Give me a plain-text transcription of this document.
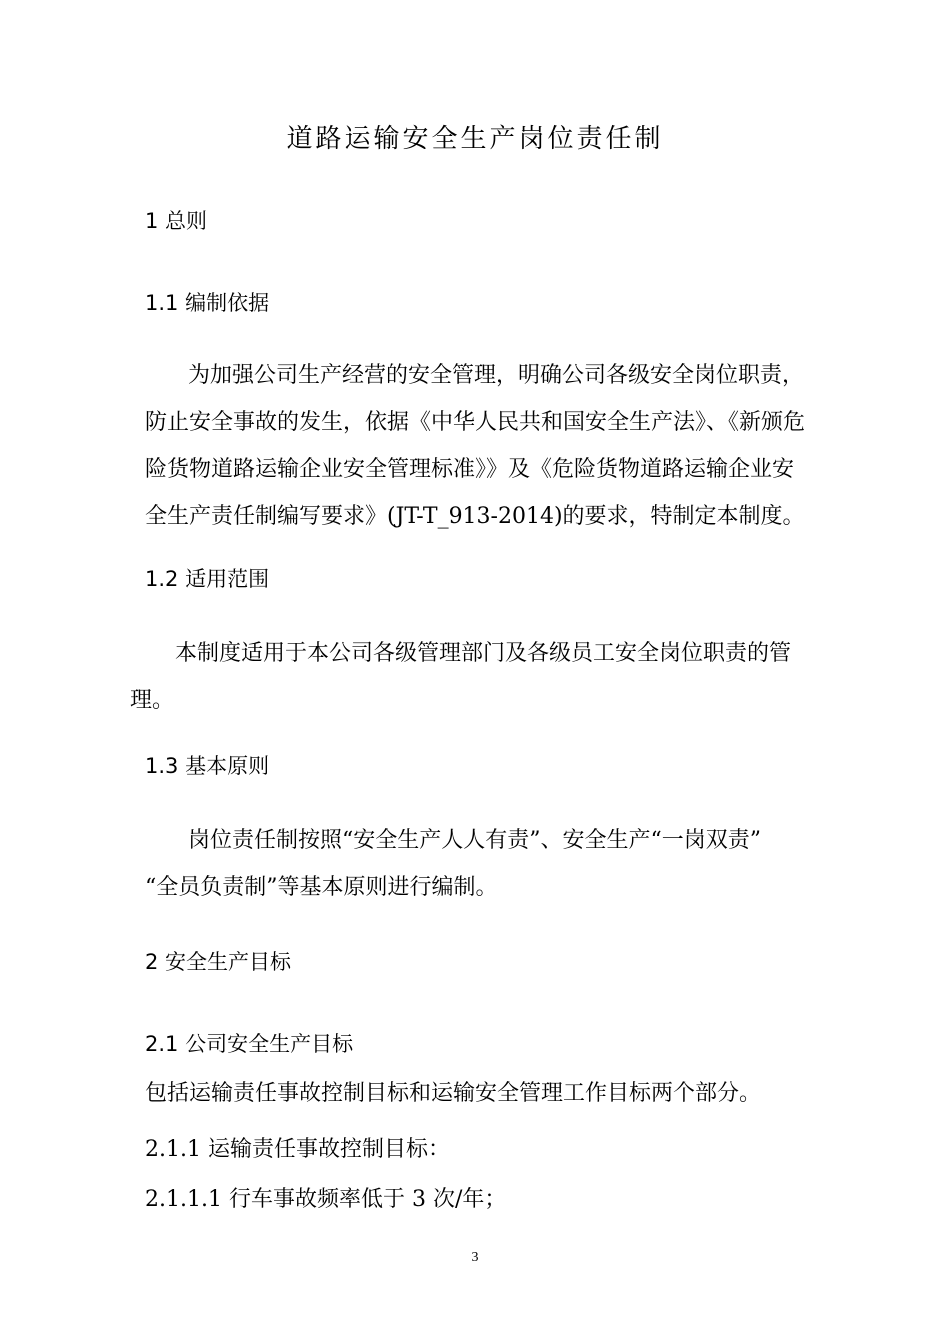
道路运输安全生产岗位责任制
1 总则
1.1 编制依据
为加强公司生产经营的安全管理，明确公司各级安全岗位职责，
防止安全事故的发生，依据《中华人民共和国安全生产法》、《新颁危
险货物道路运输企业安全管理标准》》及《危险货物道路运输企业安
全生产责任制编写要求》(JT-T_913-2014)的要求，特制定本制度。
1.2 适用范围
本制度适用于本公司各级管理部门及各级员工安全岗位职责的管
理。
1.3 基本原则
岗位责任制按照“安全生产人人有责”、安全生产“一岗双责”
“全员负责制”等基本原则进行编制。
2 安全生产目标
2.1 公司安全生产目标
包括运输责任事故控制目标和运输安全管理工作目标两个部分。
2.1.1 运输责任事故控制目标：
2.1.1.1 行车事故频率低于 3 次/年；
3
